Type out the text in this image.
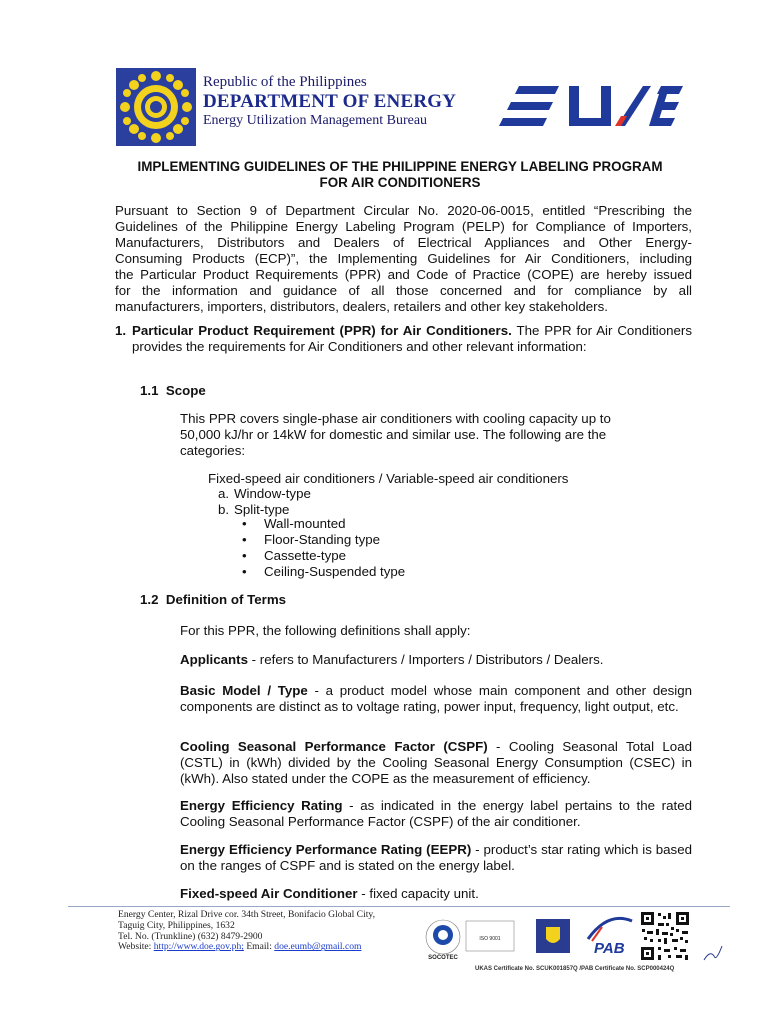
Republic of the Philippines
DEPARTMENT OF ENERGY
Energy Utilization Management Bureau
IMPLEMENTING GUIDELINES OF THE PHILIPPINE ENERGY LABELING PROGRAM
FOR AIR CONDITIONERS
Pursuant to Section 9 of Department Circular No. 2020-06-0015, entitled “Prescribing the
Guidelines of the Philippine Energy Labeling Program (PELP) for Compliance of Importers,
Manufacturers, Distributors and Dealers of Electrical Appliances and Other Energy-
Consuming Products (ECP)”, the Implementing Guidelines for Air Conditioners, including
the Particular Product Requirements (PPR) and Code of Practice (COPE) are hereby issued
for the information and guidance of all those concerned and for compliance by all
manufacturers, importers, distributors, dealers, retailers and other key stakeholders.
1. Particular Product Requirement (PPR) for Air Conditioners. The PPR for Air Conditioners provides the requirements for Air Conditioners and other relevant information:
1.1  Scope
This PPR covers single-phase air conditioners with cooling capacity up to 50,000 kJ/hr or 14kW for domestic and similar use. The following are the categories:
Fixed-speed air conditioners / Variable-speed air conditioners
a. Window-type
b. Split-type
• Wall-mounted
• Floor-Standing type
• Cassette-type
• Ceiling-Suspended type
1.2  Definition of Terms
For this PPR, the following definitions shall apply:
Applicants - refers to Manufacturers / Importers / Distributors / Dealers.
Basic Model / Type - a product model whose main component and other design components are distinct as to voltage rating, power input, frequency, light output, etc.
Cooling Seasonal Performance Factor (CSPF) - Cooling Seasonal Total Load (CSTL) in (kWh) divided by the Cooling Seasonal Energy Consumption (CSEC) in (kWh). Also stated under the COPE as the measurement of efficiency.
Energy Efficiency Rating - as indicated in the energy label pertains to the rated Cooling Seasonal Performance Factor (CSPF) of the air conditioner.
Energy Efficiency Performance Rating (EEPR) - product’s star rating which is based on the ranges of CSPF and is stated on the energy label.
Fixed-speed Air Conditioner - fixed capacity unit.
Energy Center, Rizal Drive cor. 34th Street, Bonifacio Global City,
Taguig City, Philippines, 1632
Tel. No. (Trunkline) (632) 8479-2900
Website: http://www.doe.gov.ph; Email: doe.eumb@gmail.com
SOCOTEC
ISO 9001
PAB
UKAS Certificate No. SCUK001857Q /PAB Certificate No. SCP000424Q
